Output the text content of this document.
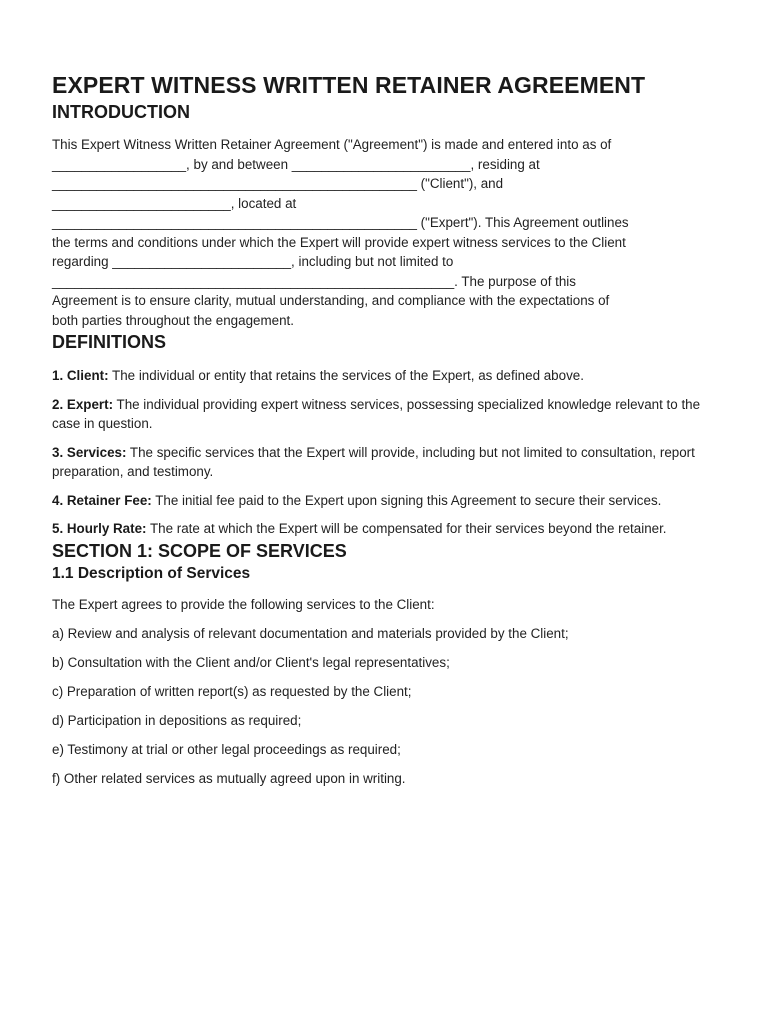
EXPERT WITNESS WRITTEN RETAINER AGREEMENT
INTRODUCTION

This Expert Witness Written Retainer Agreement ("Agreement") is made and entered into as of

__________________, by and between ________________________, residing at

_________________________________________________ ("Client"), and

________________________, located at

_________________________________________________ ("Expert"). This Agreement outlines

the terms and conditions under which the Expert will provide expert witness services to the Client

regarding ________________________, including but not limited to

______________________________________________________. The purpose of this

Agreement is to ensure clarity, mutual understanding, and compliance with the expectations of

both parties throughout the engagement.

DEFINITIONS

1. Client: The individual or entity that retains the services of the Expert, as defined above.

2. Expert: The individual providing expert witness services, possessing specialized knowledge relevant to the case in question.

3. Services: The specific services that the Expert will provide, including but not limited to consultation, report preparation, and testimony.

4. Retainer Fee: The initial fee paid to the Expert upon signing this Agreement to secure their services.

5. Hourly Rate: The rate at which the Expert will be compensated for their services beyond the retainer.

SECTION 1: SCOPE OF SERVICES
1.1 Description of Services

The Expert agrees to provide the following services to the Client:

a) Review and analysis of relevant documentation and materials provided by the Client;

b) Consultation with the Client and/or Client's legal representatives;

c) Preparation of written report(s) as requested by the Client;

d) Participation in depositions as required;

e) Testimony at trial or other legal proceedings as required;

f) Other related services as mutually agreed upon in writing.
